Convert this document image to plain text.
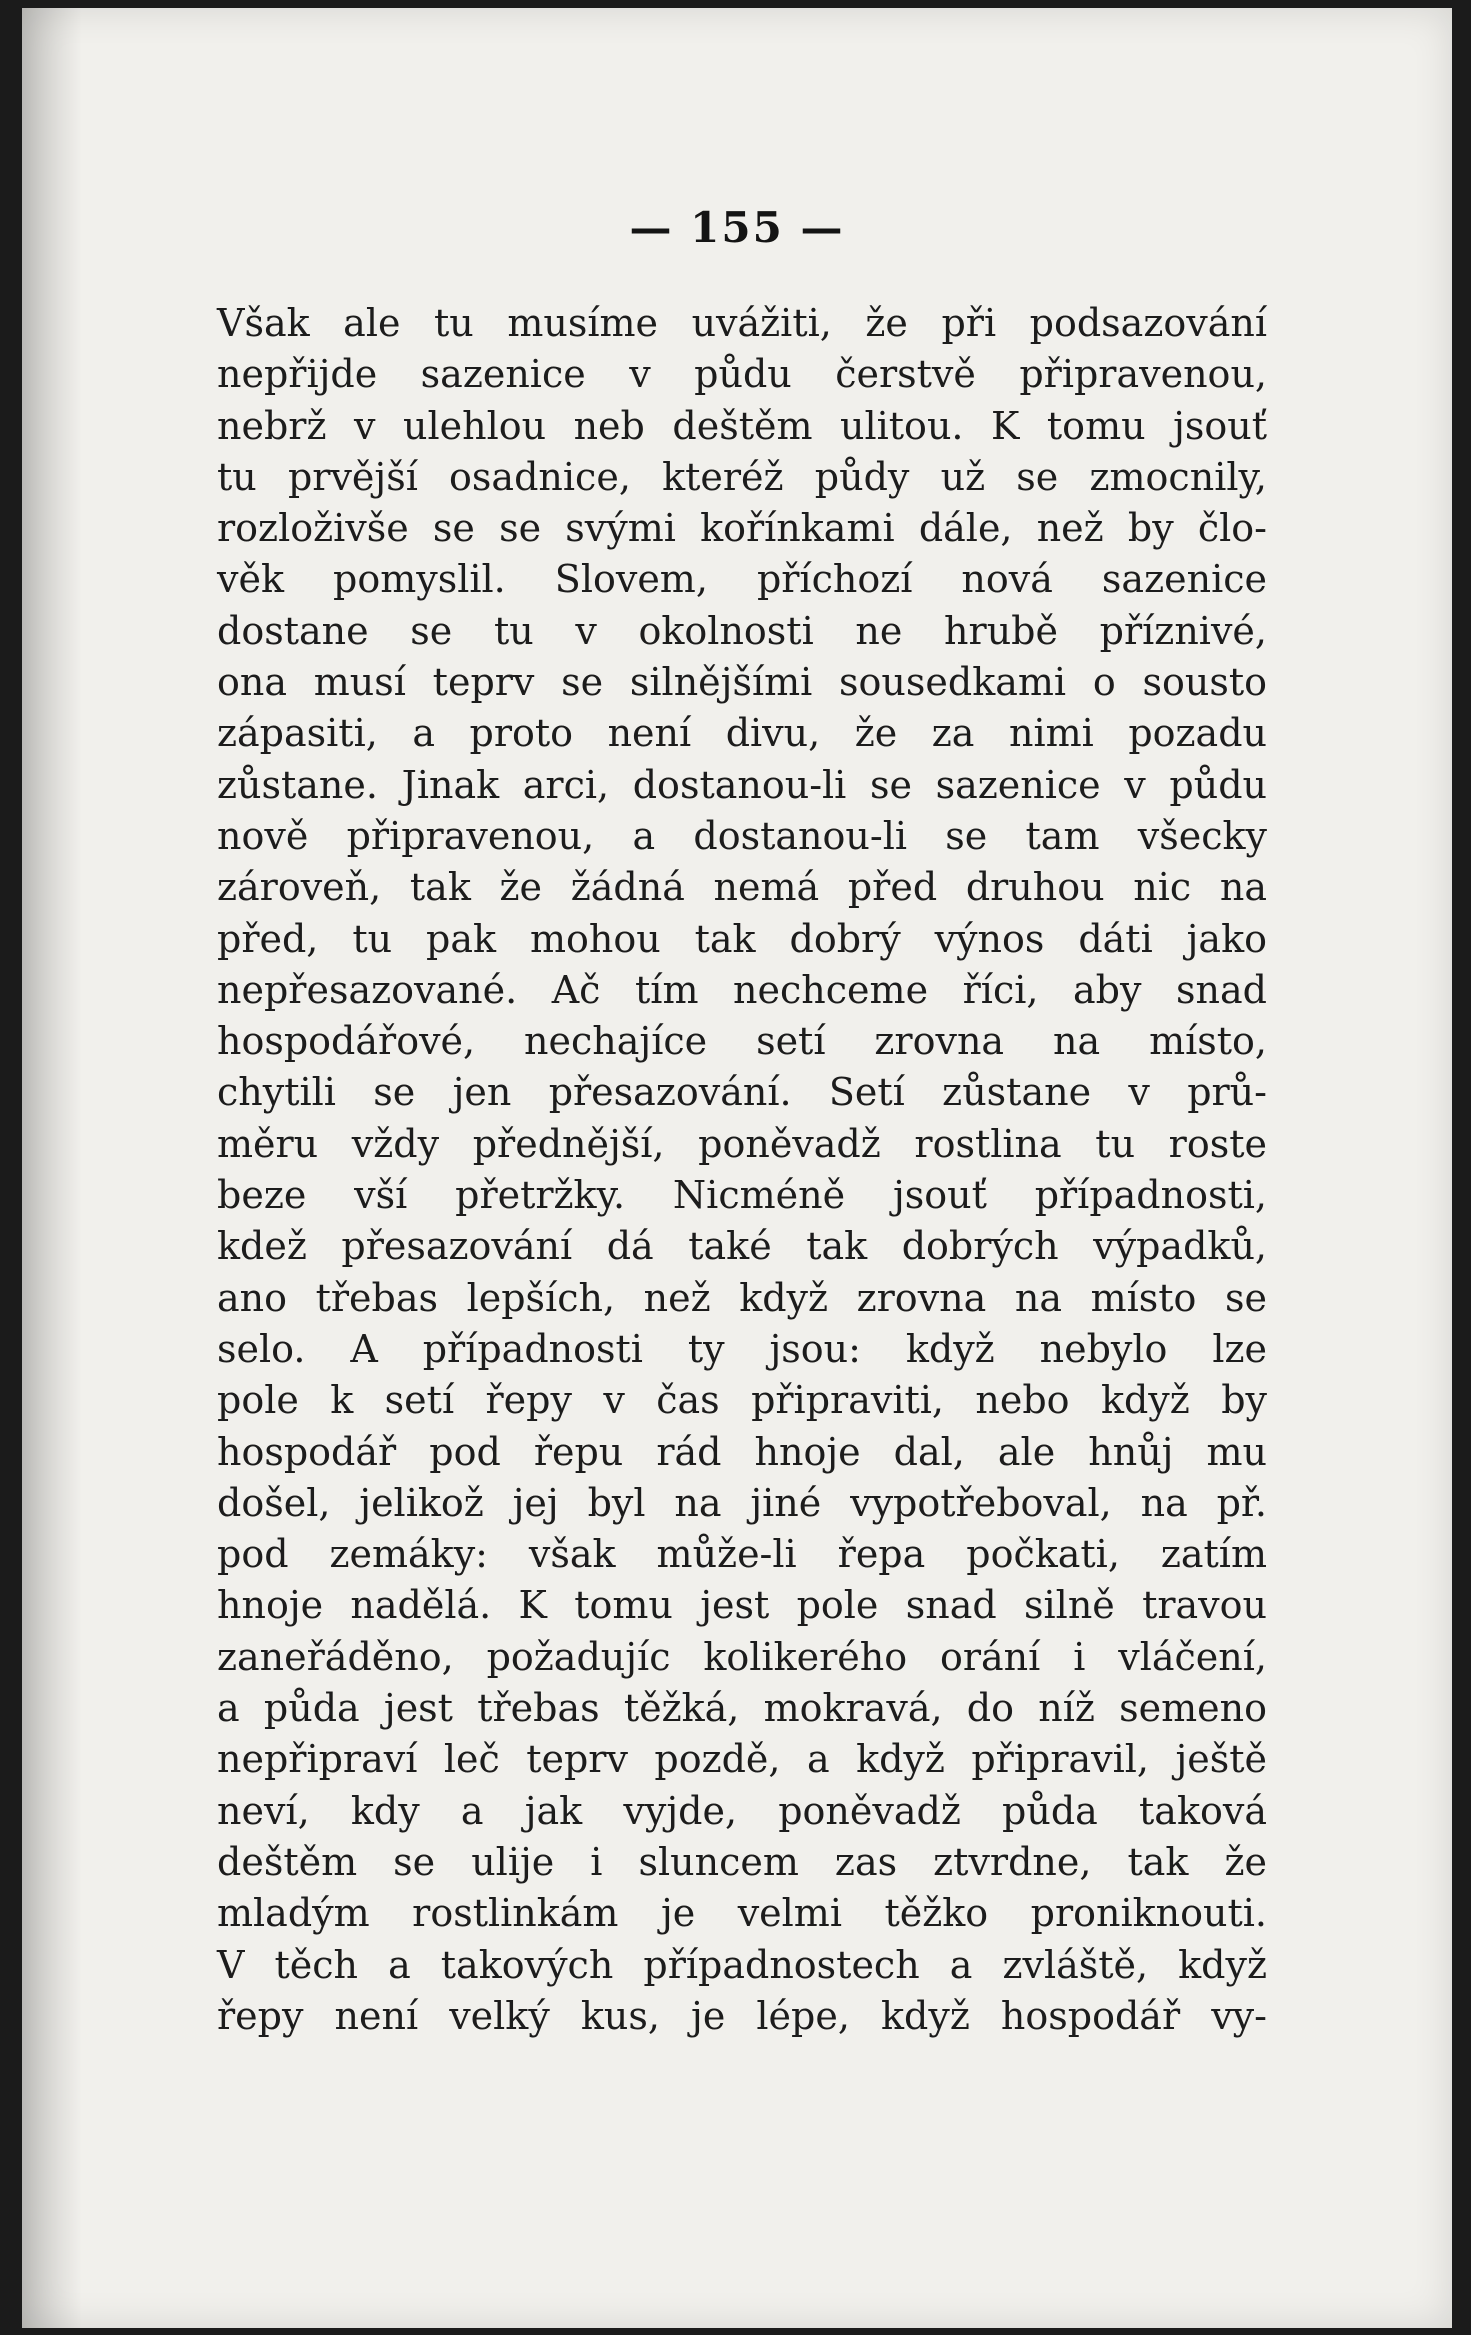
— 155 —
Však ale tu musíme uvážiti, že při podsazování
nepřijde sazenice v půdu čerstvě připravenou,
nebrž v ulehlou neb deštěm ulitou. K tomu jsouť
tu prvější osadnice, kteréž půdy už se zmocnily,
rozloživše se se svými kořínkami dále, než by člo-
věk pomyslil. Slovem, příchozí nová sazenice
dostane se tu v okolnosti ne hrubě příznivé,
ona musí teprv se silnějšími sousedkami o sousto
zápasiti, a proto není divu, že za nimi pozadu
zůstane. Jinak arci, dostanou-li se sazenice v půdu
nově připravenou, a dostanou-li se tam všecky
zároveň, tak že žádná nemá před druhou nic na
před, tu pak mohou tak dobrý výnos dáti jako
nepřesazované. Ač tím nechceme říci, aby snad
hospodářové, nechajíce setí zrovna na místo,
chytili se jen přesazování. Setí zůstane v prů-
měru vždy přednější, poněvadž rostlina tu roste
beze vší přetržky. Nicméně jsouť případnosti,
kdež přesazování dá také tak dobrých výpadků,
ano třebas lepších, než když zrovna na místo se
selo. A případnosti ty jsou: když nebylo lze
pole k setí řepy v čas připraviti, nebo když by
hospodář pod řepu rád hnoje dal, ale hnůj mu
došel, jelikož jej byl na jiné vypotřeboval, na př.
pod zemáky: však může-li řepa počkati, zatím
hnoje nadělá. K tomu jest pole snad silně travou
zaneřáděno, požadujíc kolikerého orání i vláčení,
a půda jest třebas těžká, mokravá, do níž semeno
nepřipraví leč teprv pozdě, a když připravil, ještě
neví, kdy a jak vyjde, poněvadž půda taková
deštěm se ulije i sluncem zas ztvrdne, tak že
mladým rostlinkám je velmi těžko proniknouti.
V těch a takových případnostech a zvláště, když
řepy není velký kus, je lépe, když hospodář vy-
